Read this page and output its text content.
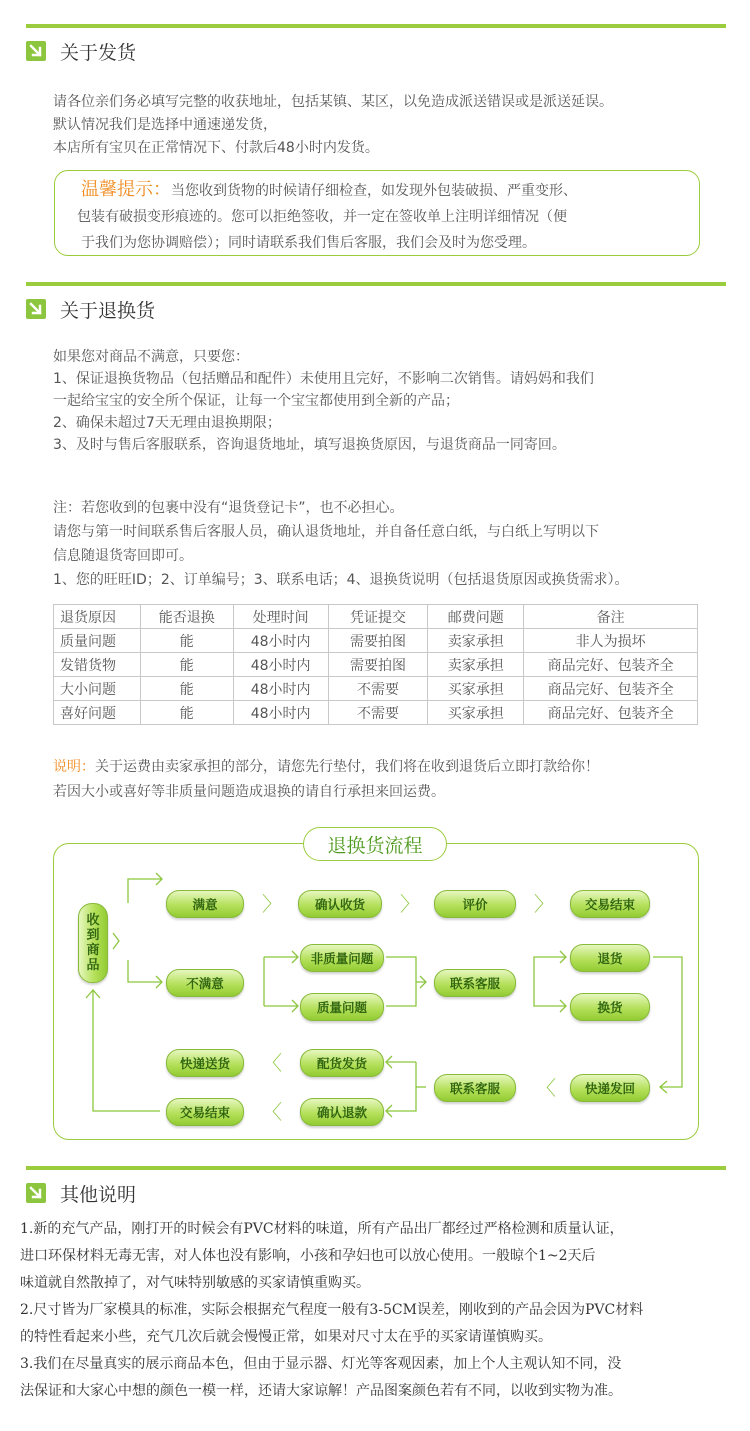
关于发货
请各位亲们务必填写完整的收获地址，包括某镇、某区，以免造成派送错误或是派送延误。
默认情况我们是选择中通速递发货，
本店所有宝贝在正常情况下、付款后48小时内发货。
温馨提示：当您收到货物的时候请仔细检查，如发现外包装破损、严重变形、
包装有破损变形痕迹的。您可以拒绝签收，并一定在签收单上注明详细情况（便
于我们为您协调赔偿）；同时请联系我们售后客服，我们会及时为您受理。
关于退换货
如果您对商品不满意，只要您：
1、保证退换货物品（包括赠品和配件）未使用且完好，不影响二次销售。请妈妈和我们
一起给宝宝的安全所个保证，让每一个宝宝都使用到全新的产品；
2、确保未超过7天无理由退换期限；
3、及时与售后客服联系，咨询退货地址，填写退换货原因，与退货商品一同寄回。
注：若您收到的包裹中没有“退货登记卡”，也不必担心。
请您与第一时间联系售后客服人员，确认退货地址，并自备任意白纸，与白纸上写明以下
信息随退货寄回即可。
1、您的旺旺ID；2、订单编号；3、联系电话；4、退换货说明（包括退货原因或换货需求）。
退货原因	能否退换	处理时间	凭证提交	邮费问题	备注
质量问题	能	48小时内	需要拍图	卖家承担	非人为损坏
发错货物	能	48小时内	需要拍图	卖家承担	商品完好、包装齐全
大小问题	能	48小时内	不需要	买家承担	商品完好、包装齐全
喜好问题	能	48小时内	不需要	买家承担	商品完好、包装齐全
说明：关于运费由卖家承担的部分，请您先行垫付，我们将在收到退货后立即打款给你！
若因大小或喜好等非质量问题造成退换的请自行承担来回运费。
退换货流程
收到商品
满意	〉	确认收货	〉	评价	〉	交易结束
不满意
非质量问题
质量问题
联系客服
退货
换货
快递发回
〈
联系客服
配货发货
确认退款
〈
〈
快递送货
交易结束
其他说明
1.新的充气产品，刚打开的时候会有PVC材料的味道，所有产品出厂都经过严格检测和质量认证，
进口环保材料无毒无害，对人体也没有影响，小孩和孕妇也可以放心使用。一般晾个1~2天后
味道就自然散掉了，对气味特别敏感的买家请慎重购买。
2.尺寸皆为厂家模具的标准，实际会根据充气程度一般有3-5CM误差，刚收到的产品会因为PVC材料
的特性看起来小些，充气几次后就会慢慢正常，如果对尺寸太在乎的买家请谨慎购买。
3.我们在尽量真实的展示商品本色，但由于显示器、灯光等客观因素，加上个人主观认知不同，没
法保证和大家心中想的颜色一模一样，还请大家谅解！产品图案颜色若有不同，以收到实物为准。
